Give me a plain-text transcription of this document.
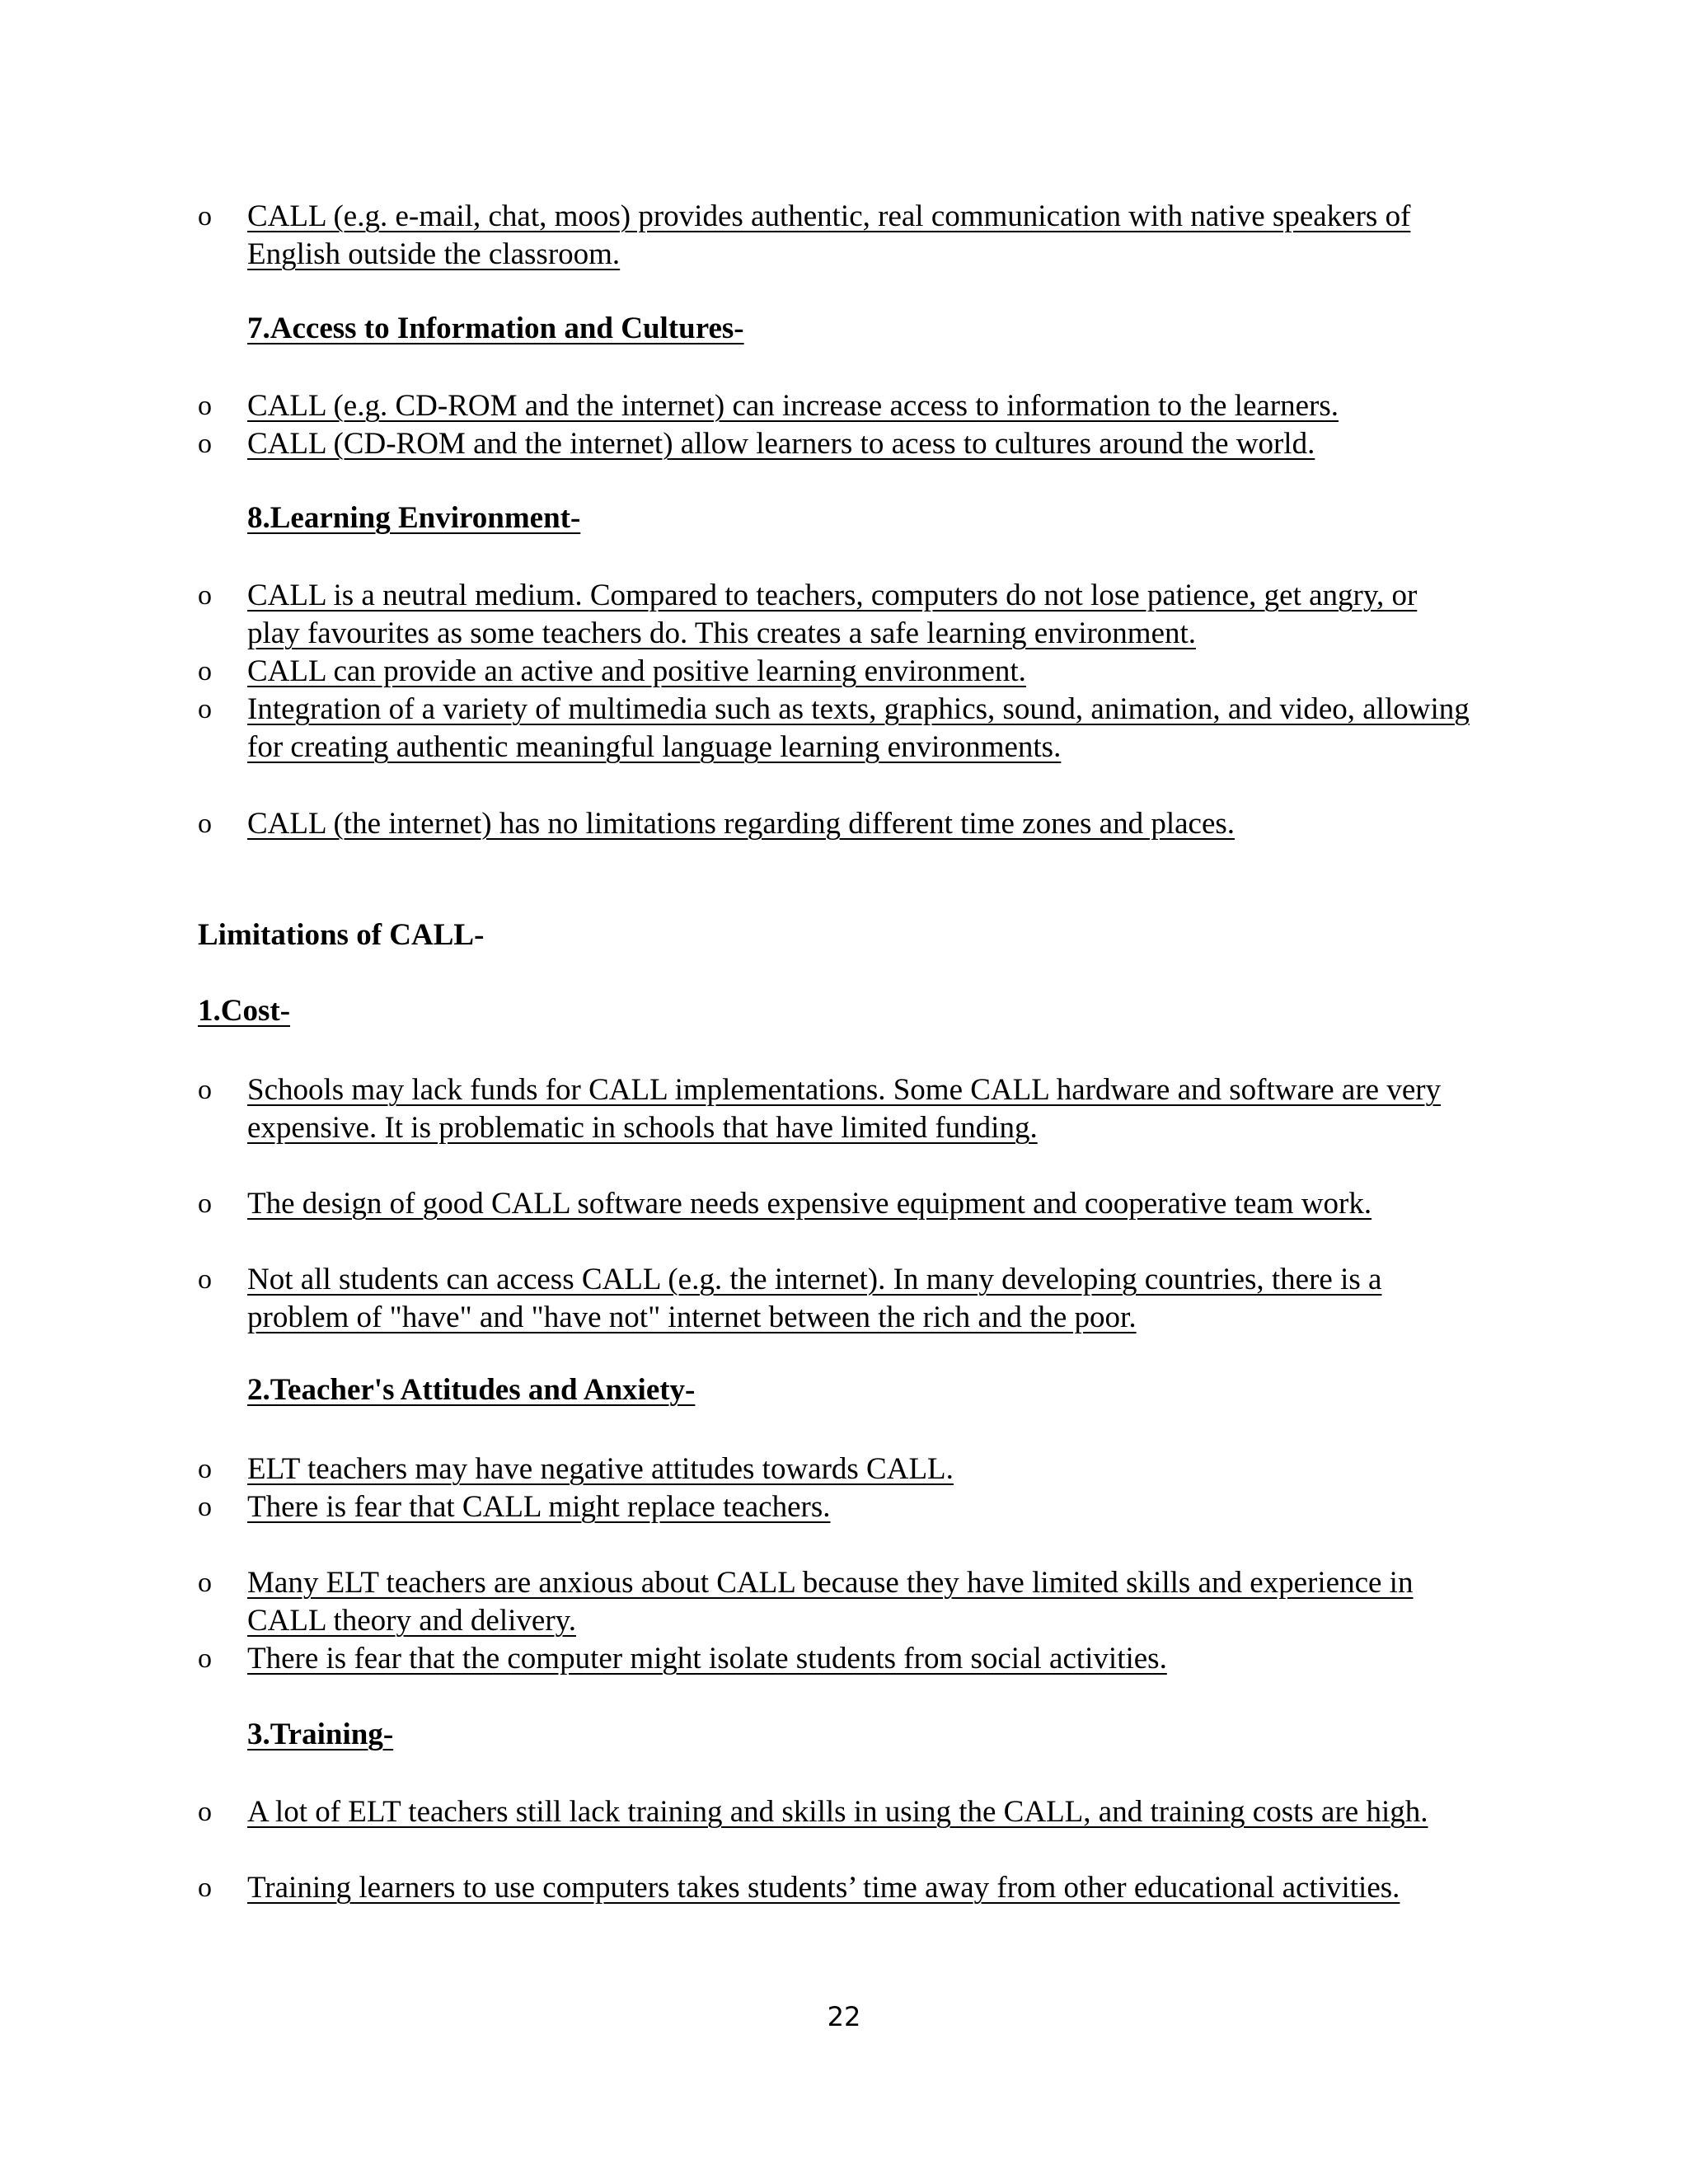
o CALL (e.g. e-mail, chat, moos) provides authentic, real communication with native speakers of English outside the classroom.
7.Access to Information and Cultures-
o CALL (e.g. CD-ROM and the internet) can increase access to information to the learners.
o CALL (CD-ROM and the internet) allow learners to acess to cultures around the world.
8.Learning Environment-
o CALL is a neutral medium. Compared to teachers, computers do not lose patience, get angry, or play favourites as some teachers do. This creates a safe learning environment.
o CALL can provide an active and positive learning environment.
o Integration of a variety of multimedia such as texts, graphics, sound, animation, and video, allowing for creating authentic meaningful language learning environments.
o CALL (the internet) has no limitations regarding different time zones and places.
Limitations of CALL-
1.Cost-
o Schools may lack funds for CALL implementations. Some CALL hardware and software are very expensive. It is problematic in schools that have limited funding.
o The design of good CALL software needs expensive equipment and cooperative team work.
o Not all students can access CALL (e.g. the internet). In many developing countries, there is a problem of "have" and "have not" internet between the rich and the poor.
2.Teacher's Attitudes and Anxiety-
o ELT teachers may have negative attitudes towards CALL.
o There is fear that CALL might replace teachers.
o Many ELT teachers are anxious about CALL because they have limited skills and experience in CALL theory and delivery.
o There is fear that the computer might isolate students from social activities.
3.Training-
o A lot of ELT teachers still lack training and skills in using the CALL, and training costs are high.
o Training learners to use computers takes students’ time away from other educational activities.
22
